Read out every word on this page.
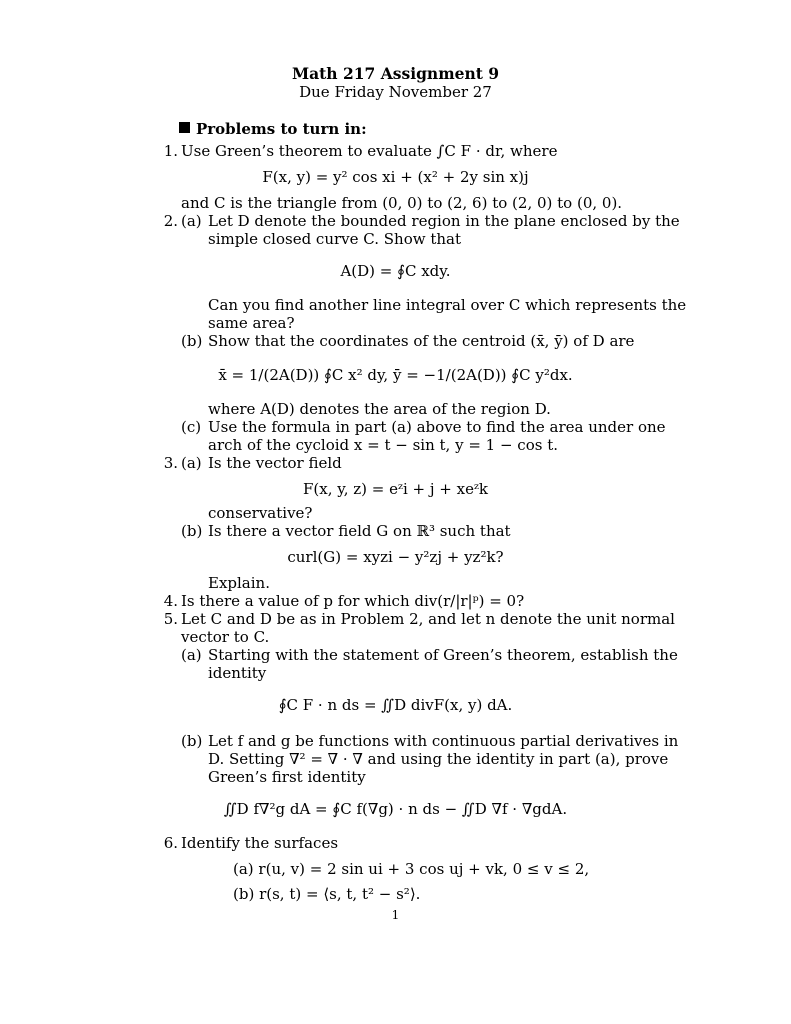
Math 217 Assignment 9
Due Friday November 27
Problems to turn in:
1. Use Green’s theorem to evaluate ∫C F · dr, where
F(x, y) = y² cos xi + (x² + 2y sin x)j
and C is the triangle from (0, 0) to (2, 6) to (2, 0) to (0, 0).
2. (a) Let D denote the bounded region in the plane enclosed by the
simple closed curve C. Show that
A(D) = ∮C xdy.
Can you find another line integral over C which represents the
same area?
(b) Show that the coordinates of the centroid (x̄, ȳ) of D are
x̄ = 1/(2A(D)) ∮C x² dy, ȳ = −1/(2A(D)) ∮C y²dx.
where A(D) denotes the area of the region D.
(c) Use the formula in part (a) above to find the area under one
arch of the cycloid x = t − sin t, y = 1 − cos t.
3. (a) Is the vector field
F(x, y, z) = eᶻi + j + xeᶻk
conservative?
(b) Is there a vector field G on ℝ³ such that
curl(G) = xyzi − y²zj + yz²k?
Explain.
4. Is there a value of p for which div(r/|r|ᵖ) = 0?
5. Let C and D be as in Problem 2, and let n denote the unit normal
vector to C.
(a) Starting with the statement of Green’s theorem, establish the
identity
∮C F · n ds = ∬D divF(x, y) dA.
(b) Let f and g be functions with continuous partial derivatives in
D. Setting ∇² = ∇ · ∇ and using the identity in part (a), prove
Green’s first identity
∬D f∇²g dA = ∮C f(∇g) · n ds − ∬D ∇f · ∇gdA.
6. Identify the surfaces
(a) r(u, v) = 2 sin ui + 3 cos uj + vk, 0 ≤ v ≤ 2,
(b) r(s, t) = ⟨s, t, t² − s²⟩.
1
